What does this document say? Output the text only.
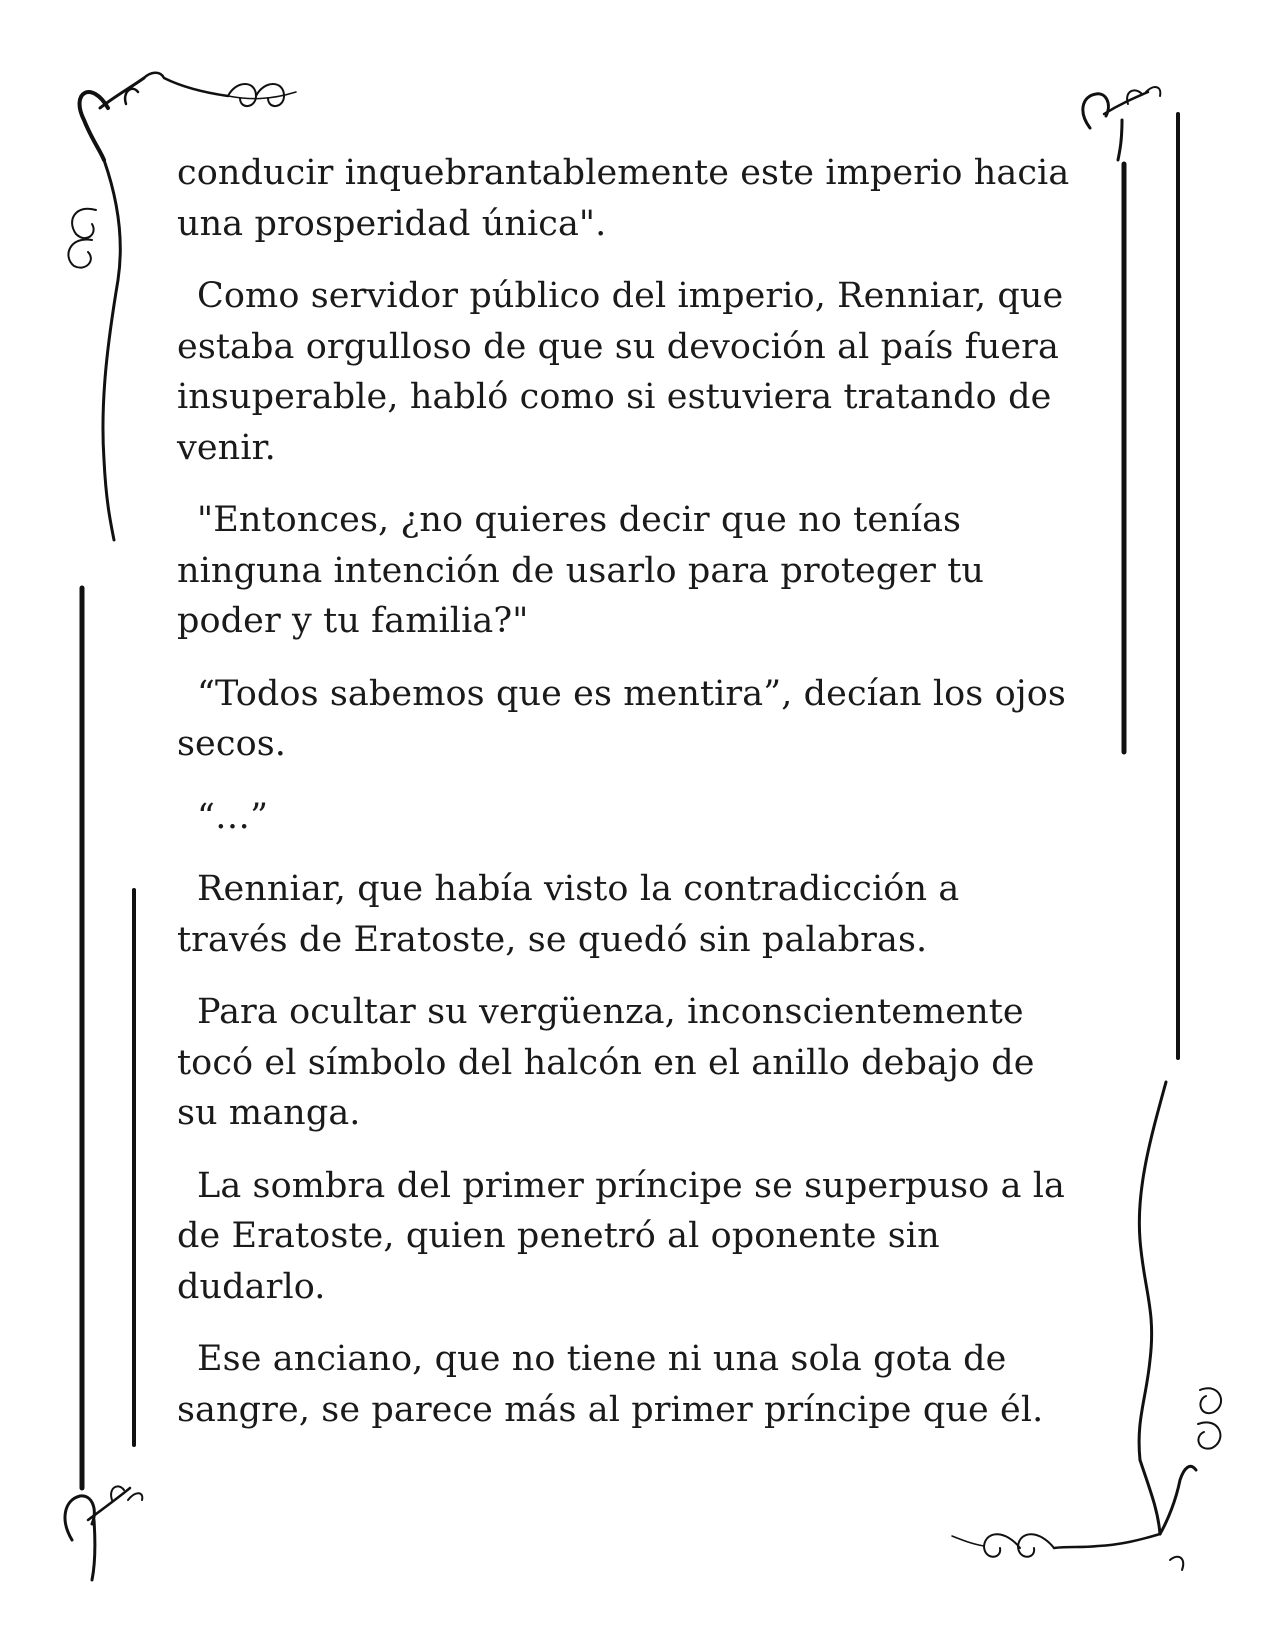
conducir inquebrantablemente este imperio hacia una prosperidad única".

Como servidor público del imperio, Renniar, que estaba orgulloso de que su devoción al país fuera insuperable, habló como si estuviera tratando de venir.

"Entonces, ¿no quieres decir que no tenías ninguna intención de usarlo para proteger tu poder y tu familia?"

“Todos sabemos que es mentira”, decían los ojos secos.

“…”

Renniar, que había visto la contradicción a través de Eratoste, se quedó sin palabras.

Para ocultar su vergüenza, inconscientemente tocó el símbolo del halcón en el anillo debajo de su manga.

La sombra del primer príncipe se superpuso a la de Eratoste, quien penetró al oponente sin dudarlo.

Ese anciano, que no tiene ni una sola gota de sangre, se parece más al primer príncipe que él.
